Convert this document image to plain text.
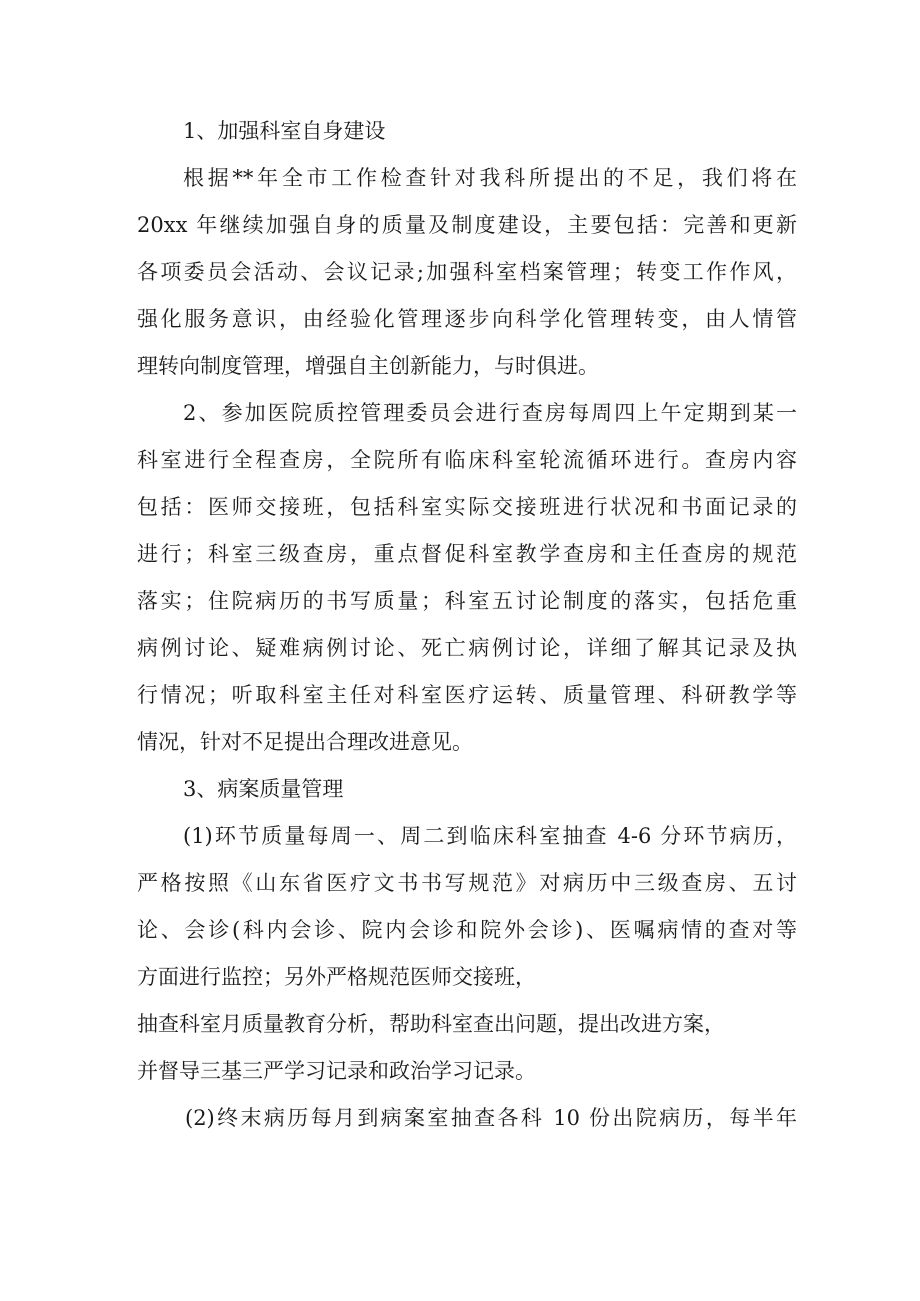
1、加强科室自身建设
根据**年全市工作检查针对我科所提出的不足，我们将在
20xx 年继续加强自身的质量及制度建设，主要包括：完善和更新
各项委员会活动、会议记录;加强科室档案管理；转变工作作风，
强化服务意识，由经验化管理逐步向科学化管理转变，由人情管
理转向制度管理，增强自主创新能力，与时俱进。
2、参加医院质控管理委员会进行查房每周四上午定期到某一
科室进行全程查房，全院所有临床科室轮流循环进行。查房内容
包括：医师交接班，包括科室实际交接班进行状况和书面记录的
进行；科室三级查房，重点督促科室教学查房和主任查房的规范
落实；住院病历的书写质量；科室五讨论制度的落实，包括危重
病例讨论、疑难病例讨论、死亡病例讨论，详细了解其记录及执
行情况；听取科室主任对科室医疗运转、质量管理、科研教学等
情况，针对不足提出合理改进意见。
3、病案质量管理
(1)环节质量每周一、周二到临床科室抽查 4-6 分环节病历，
严格按照《山东省医疗文书书写规范》对病历中三级查房、五讨
论、会诊(科内会诊、院内会诊和院外会诊)、医嘱病情的查对等
方面进行监控；另外严格规范医师交接班，
抽查科室月质量教育分析，帮助科室查出问题，提出改进方案，
并督导三基三严学习记录和政治学习记录。
(2)终末病历每月到病案室抽查各科 10 份出院病历，每半年
